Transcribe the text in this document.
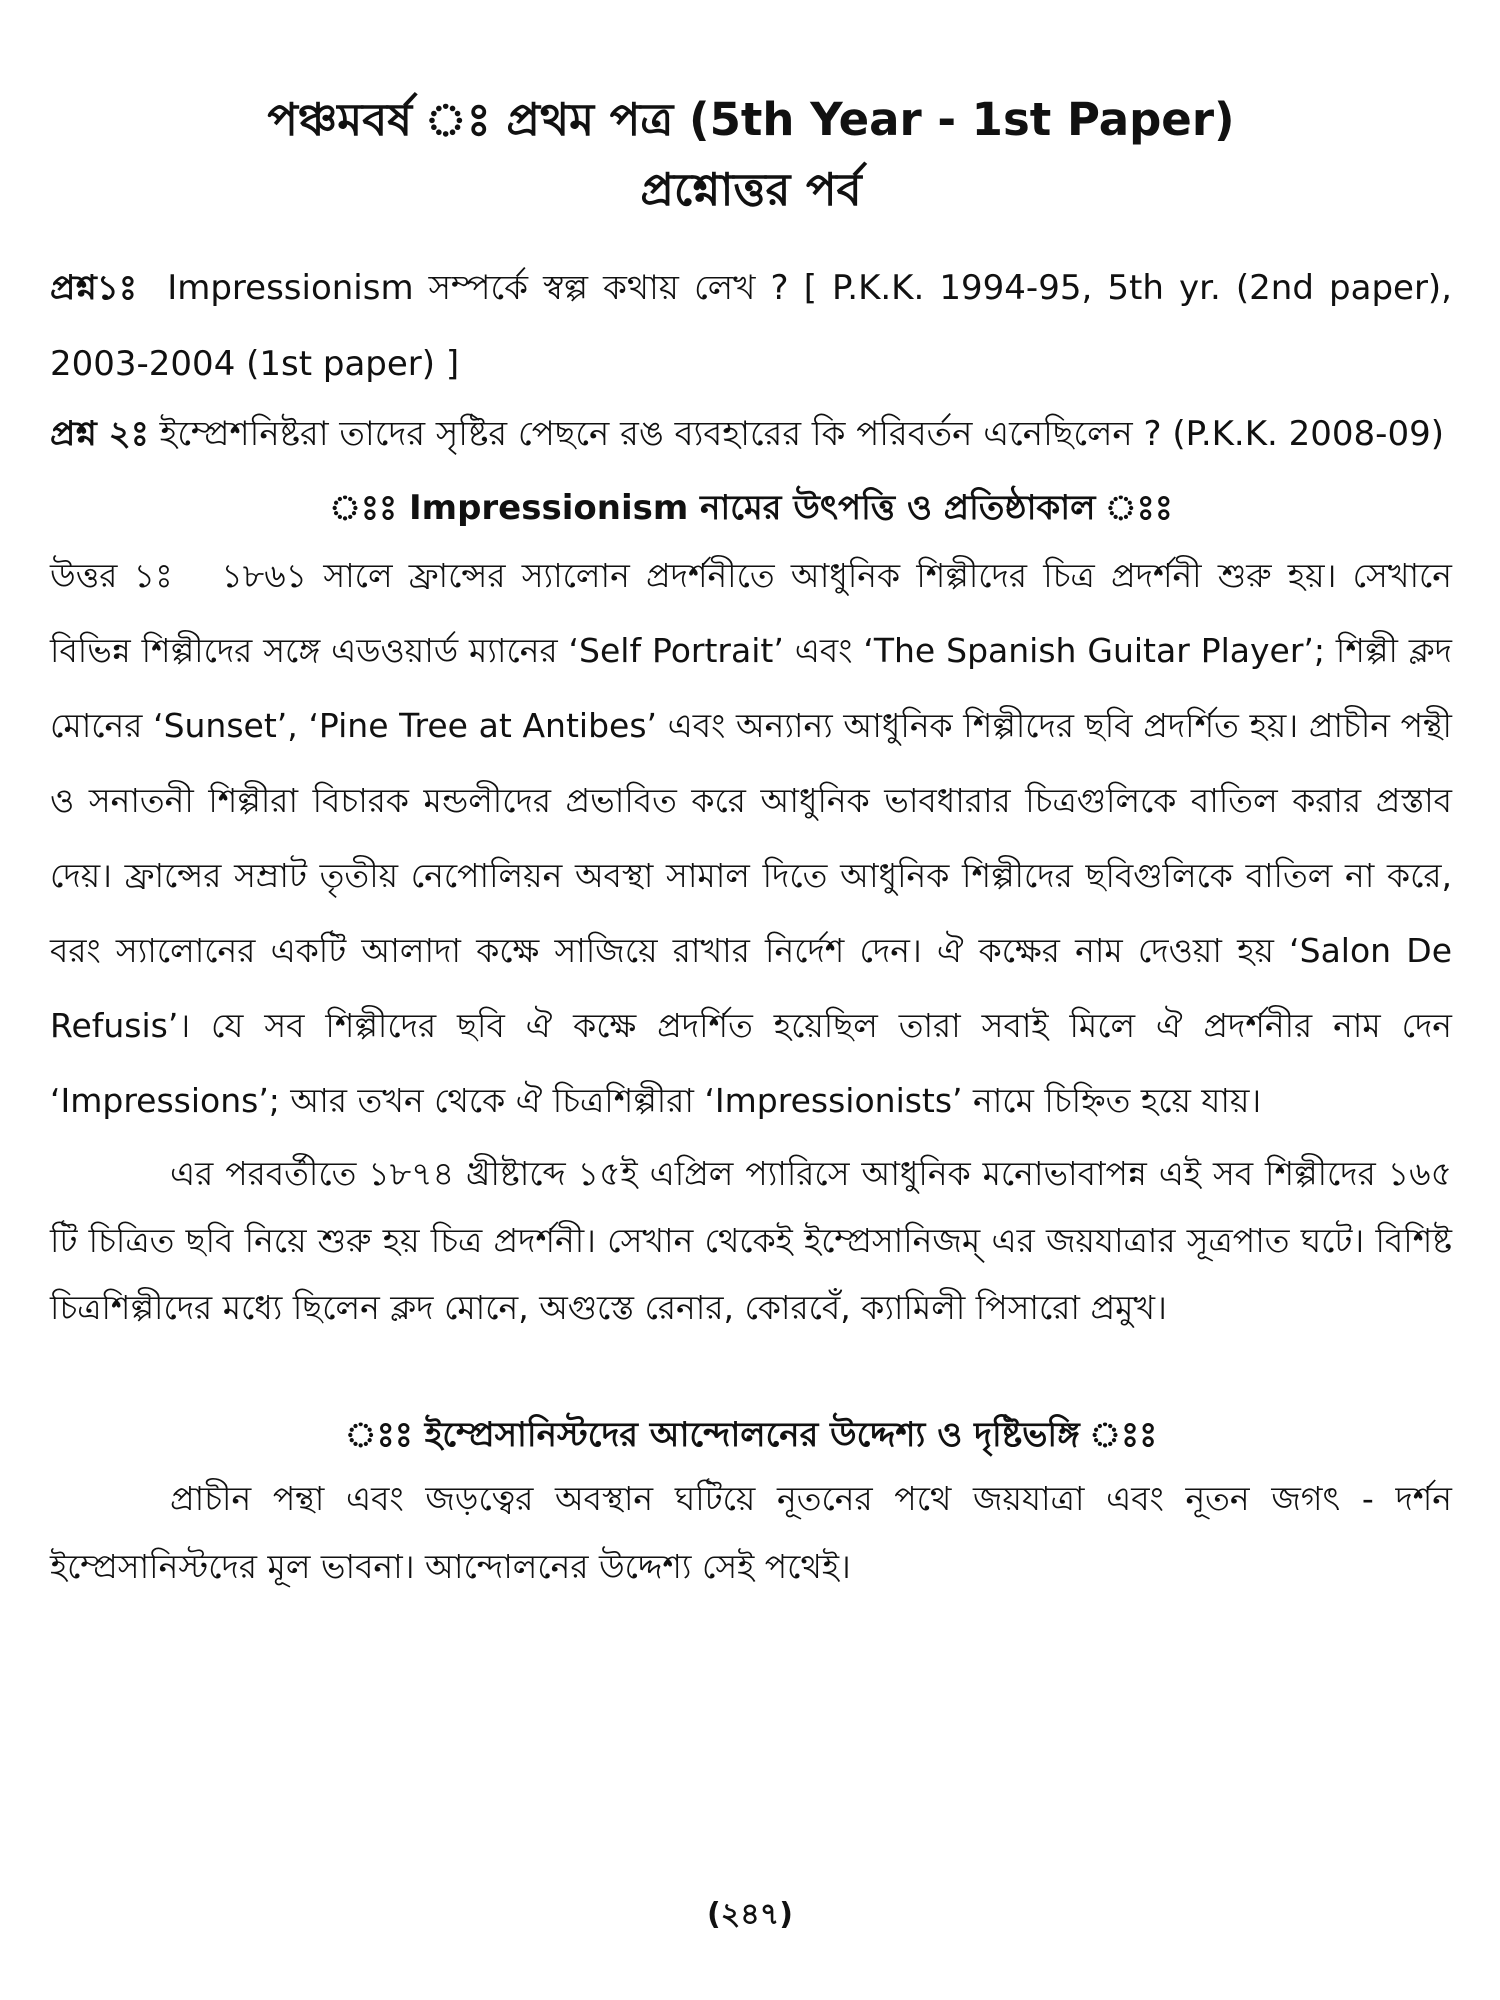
পঞ্চমবর্ষ ঃ প্রথম পত্র (5th Year - 1st Paper)
প্রশ্নোত্তর পর্ব

প্রশ্ন১ঃ Impressionism সম্পর্কে স্বল্প কথায় লেখ ? [ P.K.K. 1994-95, 5th yr. (2nd paper), 2003-2004 (1st paper) ]

প্রশ্ন ২ঃ ইম্প্রেশনিষ্টরা তাদের সৃষ্টির পেছনে রঙ ব্যবহারের কি পরিবর্তন এনেছিলেন ? (P.K.K. 2008-09)

ঃঃ Impressionism নামের উৎপত্তি ও প্রতিষ্ঠাকাল ঃঃ

উত্তর ১ঃ ১৮৬১ সালে ফ্রান্সের স্যালোন প্রদর্শনীতে আধুনিক শিল্পীদের চিত্র প্রদর্শনী শুরু হয়। সেখানে বিভিন্ন শিল্পীদের সঙ্গে এডওয়ার্ড ম্যানের ‘Self Portrait’ এবং ‘The Spanish Guitar Player’; শিল্পী ক্লদ মোনের ‘Sunset’, ‘Pine Tree at Antibes’ এবং অন্যান্য আধুনিক শিল্পীদের ছবি প্রদর্শিত হয়। প্রাচীন পন্থী ও সনাতনী শিল্পীরা বিচারক মন্ডলীদের প্রভাবিত করে আধুনিক ভাবধারার চিত্রগুলিকে বাতিল করার প্রস্তাব দেয়। ফ্রান্সের সম্রাট তৃতীয় নেপোলিয়ন অবস্থা সামাল দিতে আধুনিক শিল্পীদের ছবিগুলিকে বাতিল না করে, বরং স্যালোনের একটি আলাদা কক্ষে সাজিয়ে রাখার নির্দেশ দেন। ঐ কক্ষের নাম দেওয়া হয় ‘Salon De Refusis’। যে সব শিল্পীদের ছবি ঐ কক্ষে প্রদর্শিত হয়েছিল তারা সবাই মিলে ঐ প্রদর্শনীর নাম দেন ‘Impressions’; আর তখন থেকে ঐ চিত্রশিল্পীরা ‘Impressionists’ নামে চিহ্নিত হয়ে যায়।

এর পরবর্তীতে ১৮৭৪ খ্রীষ্টাব্দে ১৫ই এপ্রিল প্যারিসে আধুনিক মনোভাবাপন্ন এই সব শিল্পীদের ১৬৫ টি চিত্রিত ছবি নিয়ে শুরু হয় চিত্র প্রদর্শনী। সেখান থেকেই ইম্প্রেসানিজম্ এর জয়যাত্রার সূত্রপাত ঘটে। বিশিষ্ট চিত্রশিল্পীদের মধ্যে ছিলেন ক্লদ মোনে, অগুস্তে রেনার, কোরবেঁ, ক্যামিলী পিসারো প্রমুখ।

ঃঃ ইম্প্রেসানিস্টদের আন্দোলনের উদ্দেশ্য ও দৃষ্টিভঙ্গি ঃঃ

প্রাচীন পন্থা এবং জড়ত্বের অবস্থান ঘটিয়ে নূতনের পথে জয়যাত্রা এবং নূতন জগৎ - দর্শন ইম্প্রেসানিস্টদের মূল ভাবনা। আন্দোলনের উদ্দেশ্য সেই পথেই।

(২৪৭)
